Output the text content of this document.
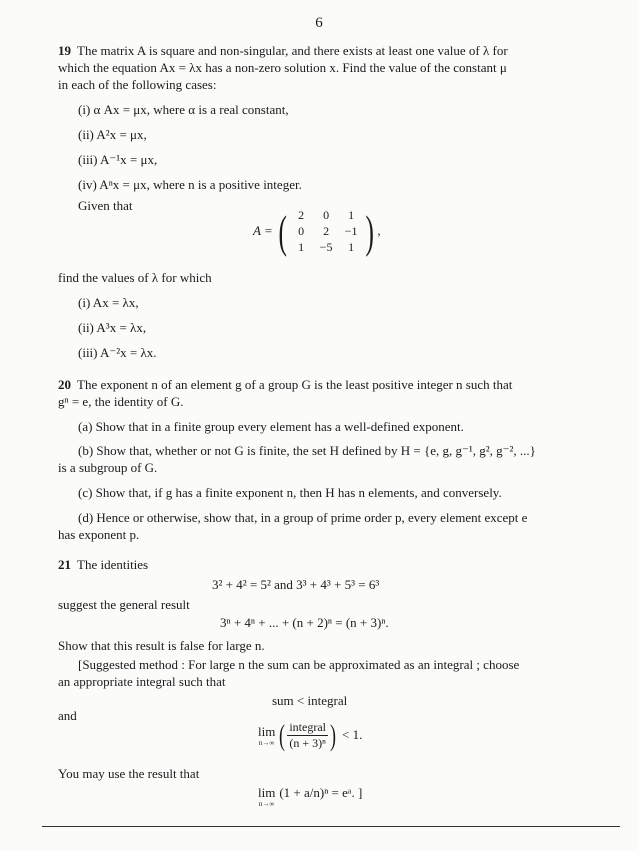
6
19 The matrix A is square and non-singular, and there exists at least one value of λ for
which the equation Ax = λx has a non-zero solution x. Find the value of the constant μ
in each of the following cases:
(i) α Ax = μx, where α is a real constant,
(ii) A²x = μx,
(iii) A⁻¹x = μx,
(iv) Aⁿx = μx, where n is a positive integer.
Given that
A = ( 2	0	1
0	2	−1
1	−5	1 ) ,
find the values of λ for which
(i) Ax = λx,
(ii) A³x = λx,
(iii) A⁻²x = λx.
20 The exponent n of an element g of a group G is the least positive integer n such that
gⁿ = e, the identity of G.
(a) Show that in a finite group every element has a well-defined exponent.
(b) Show that, whether or not G is finite, the set H defined by H = {e, g, g⁻¹, g², g⁻², ...}
is a subgroup of G.
(c) Show that, if g has a finite exponent n, then H has n elements, and conversely.
(d) Hence or otherwise, show that, in a group of prime order p, every element except e
has exponent p.
21 The identities
3² + 4² = 5² and 3³ + 4³ + 5³ = 6³
suggest the general result
3ⁿ + 4ⁿ + ... + (n + 2)ⁿ = (n + 3)ⁿ.
Show that this result is false for large n.
[Suggested method : For large n the sum can be approximated as an integral ; choose
an appropriate integral such that
sum < integral
and
lim
n→∞ ( $\frac{\text{integral}}{\text{(n + 3)ⁿ}}$ ) < 1.
You may use the result that
lim
n→∞
(1 + a/n)ⁿ = eᵃ. ]
